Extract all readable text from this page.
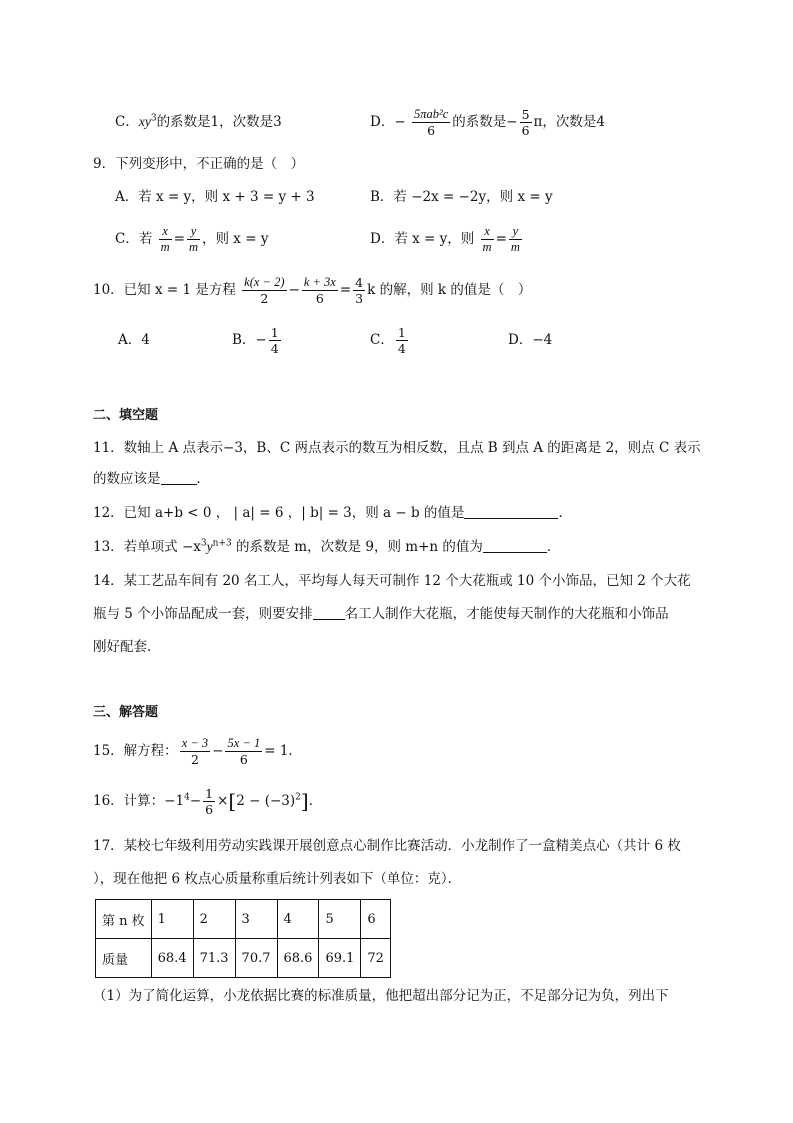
C．$xy^3$的系数是1，次数是3	D．− $\frac{\text{5πab²c}}{6}$ 的系数是− $\frac{5}{6}$ π，次数是4
9．下列变形中，不正确的是（　）
A．若 x = y，则 x + 3 = y + 3	B．若 −2x = −2y，则 x = y
C．若 $\frac{x}{m} = \frac{y}{m}$ ，则 x = y	D．若 x = y，则 $\frac{x}{m} = \frac{y}{m}$
10．已知 x = 1 是方程 $\frac{k(x - 2)}{2} - \frac{k + 3x}{6} = \frac{4}{3}$ k 的解，则 k 的值是（　）
A．4	B．− $\frac{1}{4}$	C． $\frac{1}{4}$	D．−4
二、填空题
11．数轴上 A 点表示−3，B、C 两点表示的数互为相反数，且点 B 到点 A 的距离是 2，则点 C 表示
的数应该是	．
12．已知 a+b < 0 ， | a| = 6 ，| b| = 3，则 a − b 的值是	．
13．若单项式 $-x^3y^{n+3}$ 的系数是 m，次数是 9，则 m+n 的值为	．
14．某工艺品车间有 20 名工人，平均每人每天可制作 12 个大花瓶或 10 个小饰品，已知 2 个大花
瓶与 5 个小饰品配成一套，则要安排 名工人制作大花瓶，才能使每天制作的大花瓶和小饰品
刚好配套．
三、解答题
15．解方程： $\frac{x - 3}{2} - \frac{5x - 1}{6} = 1$．
16．计算：$-1^4- \frac{1}{6} \times[2 - (-3)^2]$．
17．某校七年级利用劳动实践课开展创意点心制作比赛活动．小龙制作了一盒精美点心（共计 6 枚
），现在他把 6 枚点心质量称重后统计列表如下（单位：克）．
第 n 枚	1	2	3	4	5	6
质量	68.4	71.3	70.7	68.6	69.1	72
（1）为了简化运算，小龙依据比赛的标准质量，他把超出部分记为正，不足部分记为负，列出下
